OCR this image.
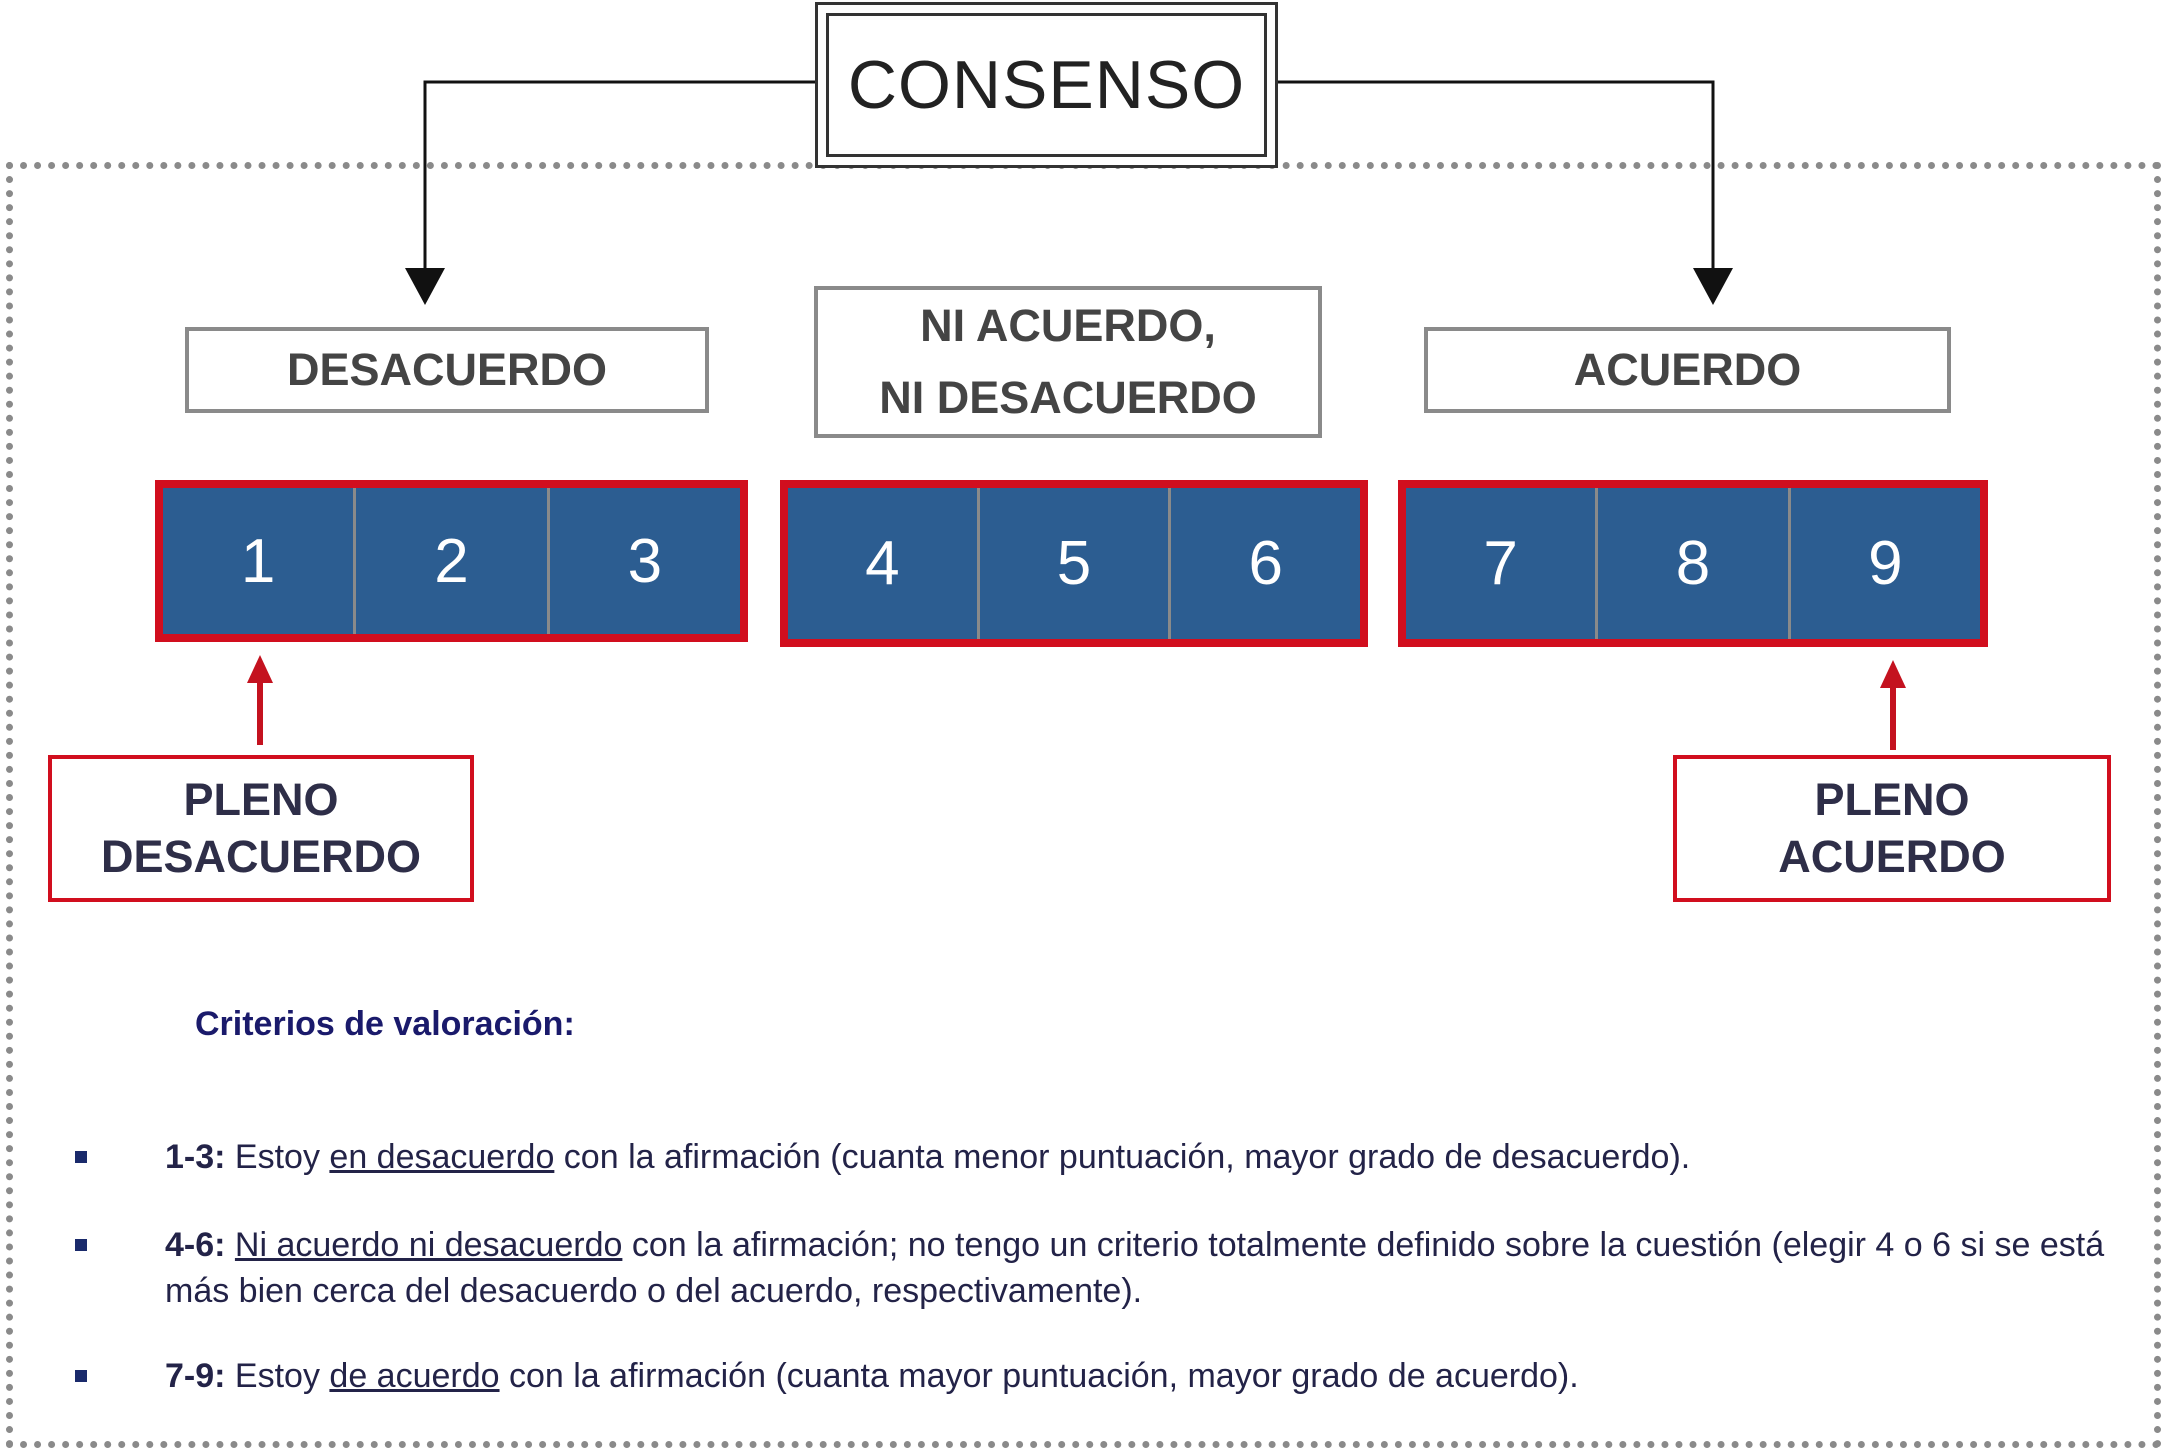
CONSENSO
DESACUERDO
NI ACUERDO,
NI DESACUERDO
ACUERDO
1	2	3	4	5	6	7	8	9
PLENO
DESACUERDO
PLENO
ACUERDO
Criterios de valoración:
1-3: Estoy en desacuerdo con la afirmación (cuanta menor puntuación, mayor grado de desacuerdo).
4-6: Ni acuerdo ni desacuerdo con la afirmación; no tengo un criterio totalmente definido sobre la cuestión (elegir 4 o 6 si se está más bien cerca del desacuerdo o del acuerdo, respectivamente).
7-9: Estoy de acuerdo con la afirmación (cuanta mayor puntuación, mayor grado de acuerdo).
